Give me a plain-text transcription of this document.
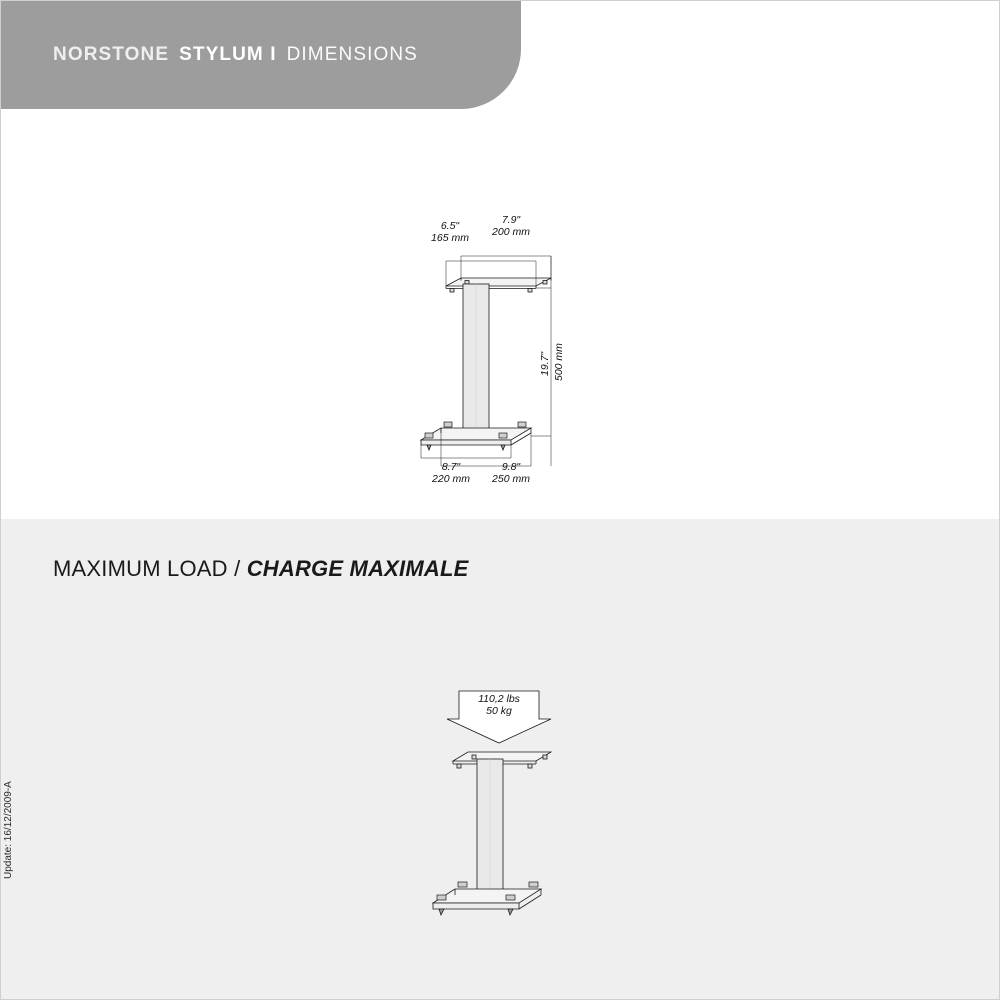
NORSTONE STYLUM I DIMENSIONS
6.5"
165 mm
7.9"
200 mm
19.7" 500 mm
8.7"
220 mm
9.8"
250 mm
MAXIMUM LOAD / CHARGE MAXIMALE
110,2 lbs
50 kg
Update: 16/12/2009-A
